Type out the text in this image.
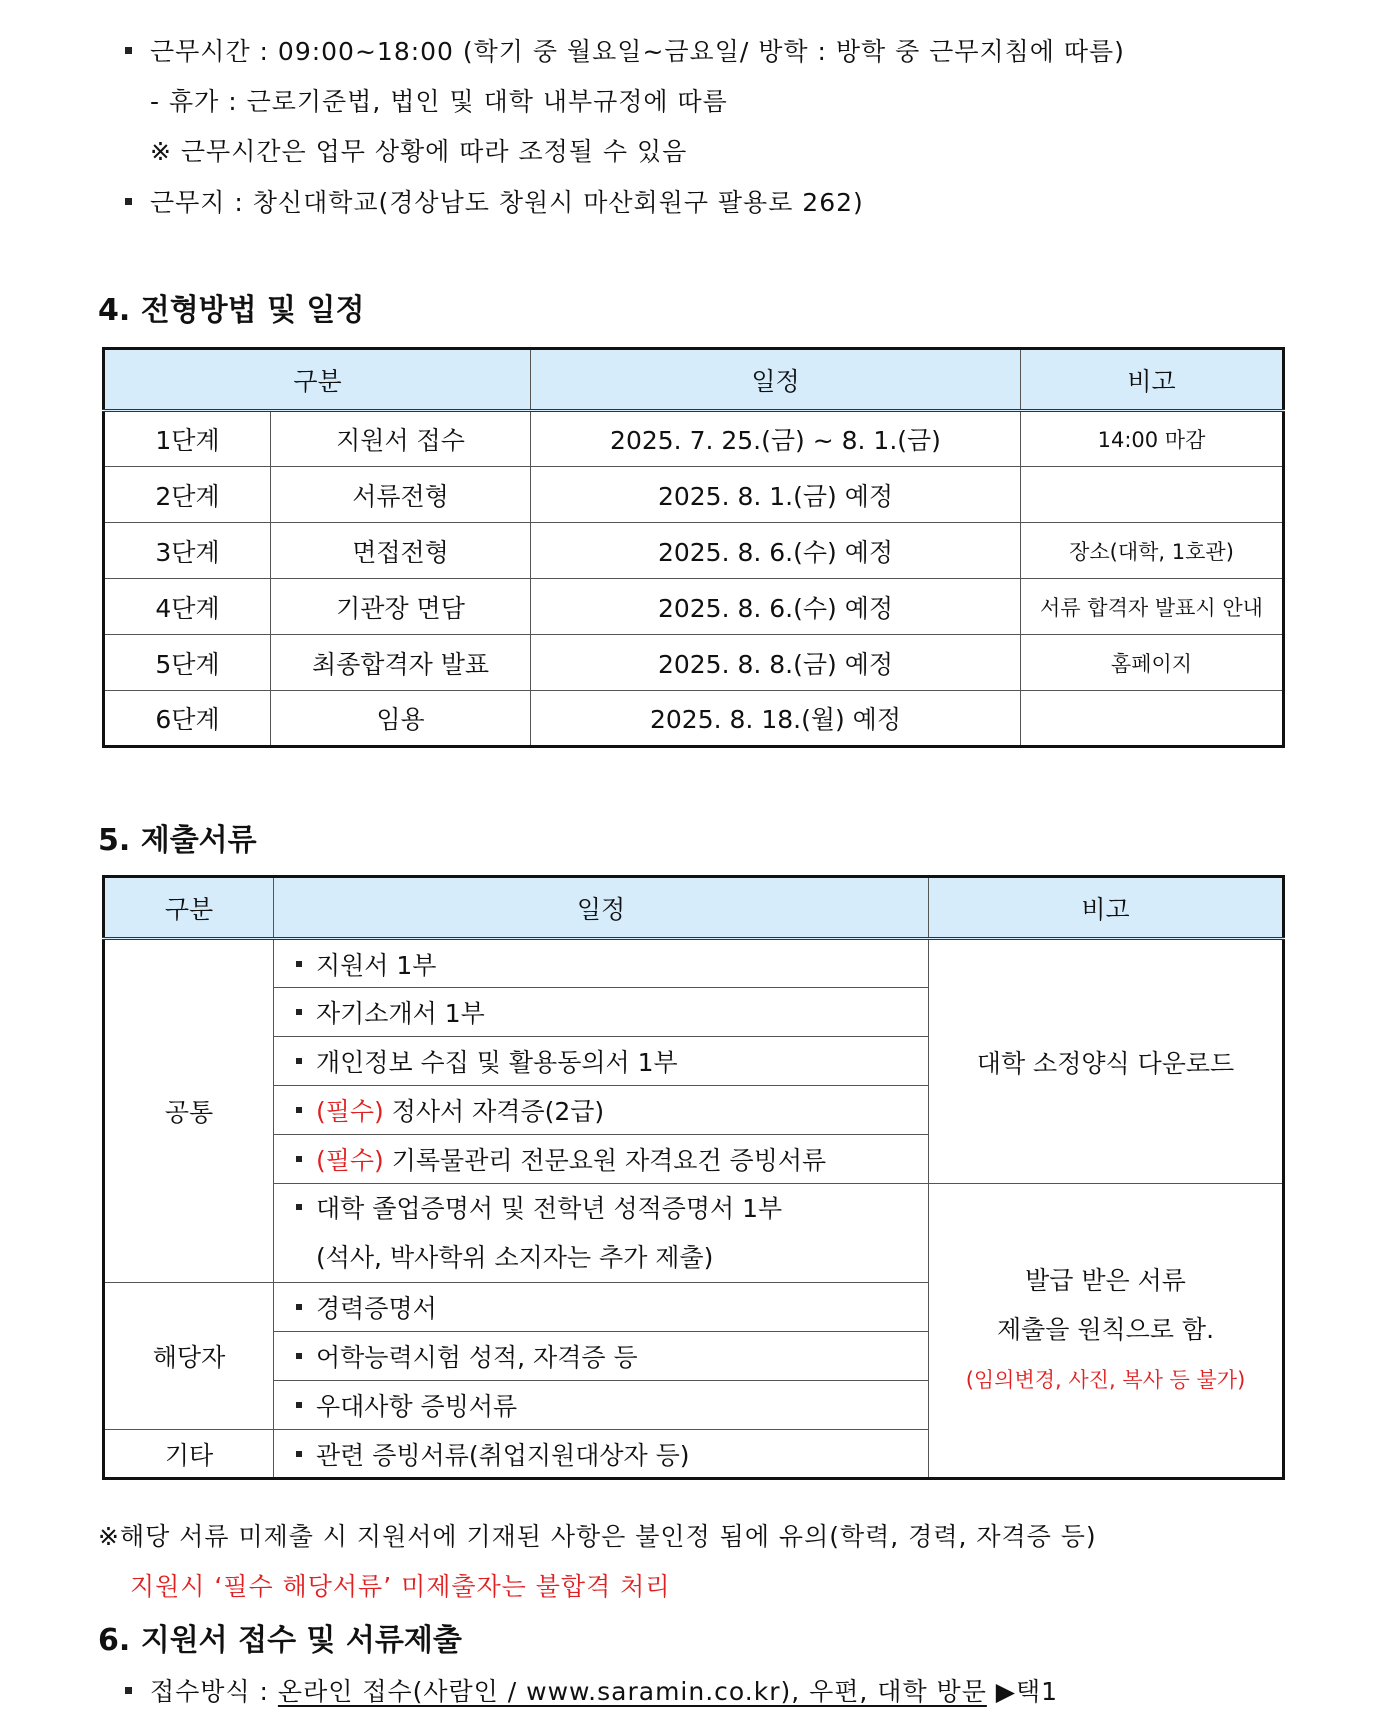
근무시간 : 09:00~18:00 (학기 중 월요일~금요일/ 방학 : 방학 중 근무지침에 따름)
- 휴가 : 근로기준법, 법인 및 대학 내부규정에 따름
※ 근무시간은 업무 상황에 따라 조정될 수 있음
근무지 : 창신대학교(경상남도 창원시 마산회원구 팔용로 262)
4. 전형방법 및 일정
구분		일정	비고
1단계	지원서 접수	2025. 7. 25.(금) ~ 8. 1.(금)	14:00 마감
2단계	서류전형	2025. 8. 1.(금) 예정	
3단계	면접전형	2025. 8. 6.(수) 예정	장소(대학, 1호관)
4단계	기관장 면담	2025. 8. 6.(수) 예정	서류 합격자 발표시 안내
5단계	최종합격자 발표	2025. 8. 8.(금) 예정	홈페이지
6단계	임용	2025. 8. 18.(월) 예정	
5. 제출서류
구분	일정	비고
공통	지원서 1부	대학 소정양식 다운로드
	자기소개서 1부	
	개인정보 수집 및 활용동의서 1부	
	(필수) 정사서 자격증(2급)	
	(필수) 기록물관리 전문요원 자격요건 증빙서류	
	대학 졸업증명서 및 전학년 성적증명서 1부
(석사, 박사학위 소지자는 추가 제출)	발급 받은 서류
제출을 원칙으로 함.
(임의변경, 사진, 복사 등 불가)
해당자	경력증명서	
	어학능력시험 성적, 자격증 등	
	우대사항 증빙서류	
기타	관련 증빙서류(취업지원대상자 등)	
※해당 서류 미제출 시 지원서에 기재된 사항은 불인정 됨에 유의(학력, 경력, 자격증 등)
지원시 ‘필수 해당서류’ 미제출자는 불합격 처리
6. 지원서 접수 및 서류제출
접수방식 : 온라인 접수(사람인 / www.saramin.co.kr), 우편, 대학 방문 ▶택1
